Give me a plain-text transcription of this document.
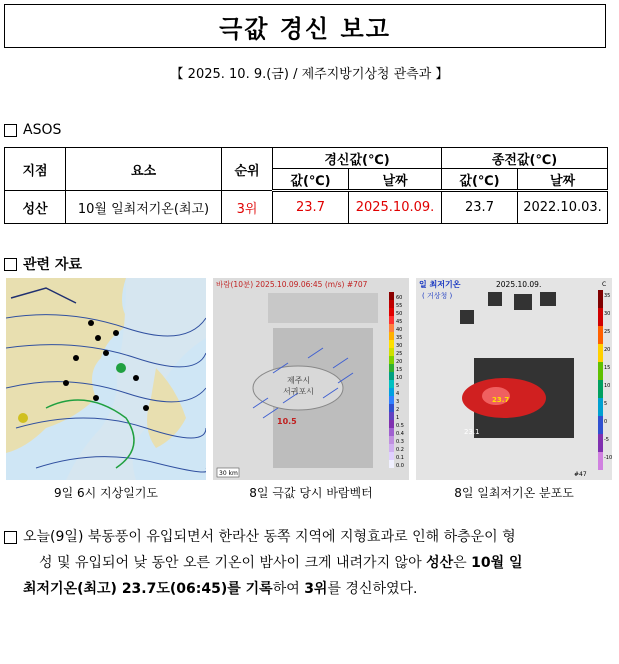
극값 경신 보고
【 2025. 10. 9.(금) / 제주지방기상청 관측과 】
ASOS
지점	요소	순위	경신값(℃)		종전값(℃)	
			값(℃)	날짜	값(℃)	날짜
성산	10월 일최저기온(최고)	3위	23.7	2025.10.09.	23.7	2022.10.03.
관련 자료
바람(10분) 2025.10.09.06:45 (m/s) #707
제주시
서귀포시
10.5
30 km
60
55
50
45
40
35
30
25
20
15
10
5
4
3
2
1
0.5
0.4
0.3
0.2
0.1
0.0
일 최저기온	2025.10.09.
( 거상청 )
C
23.7
23.1
#47
35
30
25
20
15
10
5
0
-5
-10
9일 6시 지상일기도	8일 극값 당시 바람벡터	8일 일최저기온 분포도
오늘(9일) 북동풍이 유입되면서 한라산 동쪽 지역에 지형효과로 인해 하층운이 형
성 및 유입되어 낮 동안 오른 기온이 밤사이 크게 내려가지 않아 성산은 10월 일
최저기온(최고) 23.7도(06:45)를 기록하여 3위를 경신하였다.
